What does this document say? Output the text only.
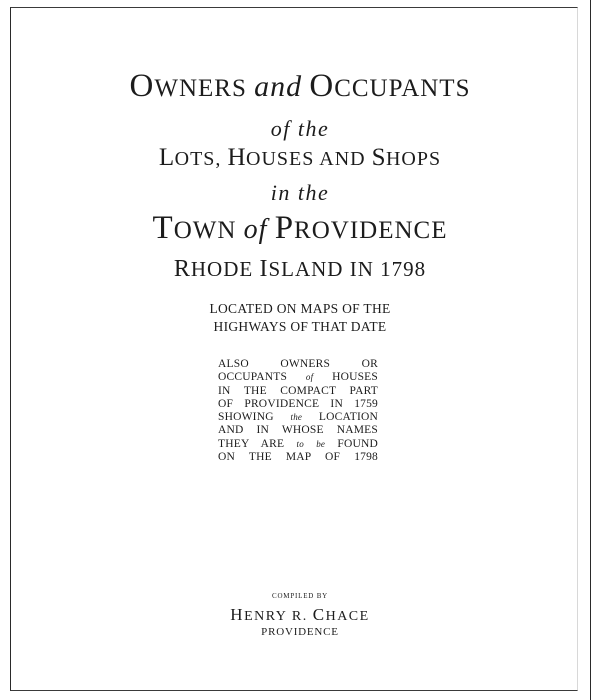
OWNERS and OCCUPANTS
of the
LOTS, HOUSES AND SHOPS
in the
TOWN of PROVIDENCE
RHODE ISLAND IN 1798
LOCATED ON MAPS OF THE
HIGHWAYS OF THAT DATE
ALSO OWNERS OR
OCCUPANTS of HOUSES
IN THE COMPACT PART
OF PROVIDENCE IN 1759
SHOWING the LOCATION
AND IN WHOSE NAMES
THEY ARE to be FOUND
ON THE MAP OF 1798
COMPILED BY
HENRY R. CHACE
PROVIDENCE
